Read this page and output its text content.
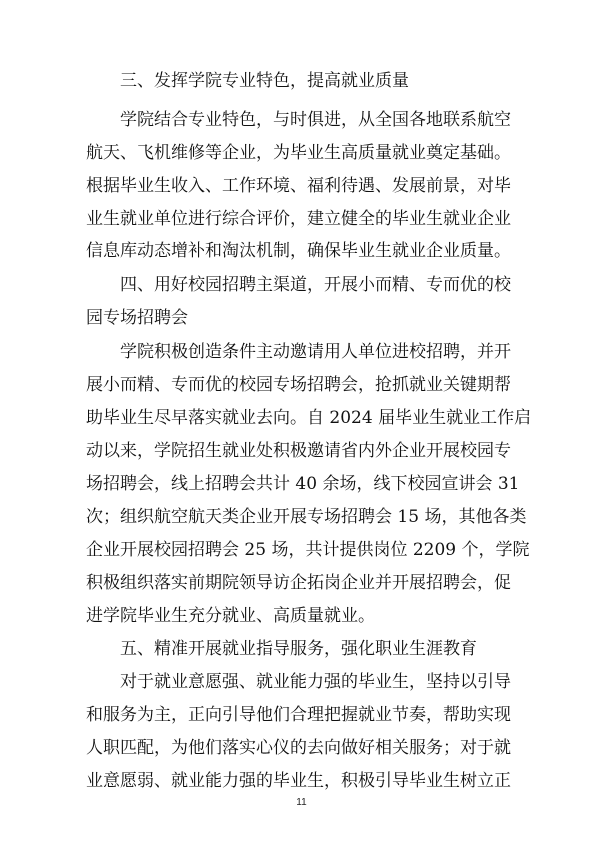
三、发挥学院专业特色，提高就业质量
学院结合专业特色，与时俱进，从全国各地联系航空
航天、飞机维修等企业，为毕业生高质量就业奠定基础。
根据毕业生收入、工作环境、福利待遇、发展前景，对毕
业生就业单位进行综合评价，建立健全的毕业生就业企业
信息库动态增补和淘汰机制，确保毕业生就业企业质量。
四、用好校园招聘主渠道，开展小而精、专而优的校
园专场招聘会
学院积极创造条件主动邀请用人单位进校招聘，并开
展小而精、专而优的校园专场招聘会，抢抓就业关键期帮
助毕业生尽早落实就业去向。自 2024 届毕业生就业工作启
动以来，学院招生就业处积极邀请省内外企业开展校园专
场招聘会，线上招聘会共计 40 余场，线下校园宣讲会 31
次；组织航空航天类企业开展专场招聘会 15 场，其他各类
企业开展校园招聘会 25 场，共计提供岗位 2209 个，学院
积极组织落实前期院领导访企拓岗企业并开展招聘会，促
进学院毕业生充分就业、高质量就业。
五、精准开展就业指导服务，强化职业生涯教育
对于就业意愿强、就业能力强的毕业生，坚持以引导
和服务为主，正向引导他们合理把握就业节奏，帮助实现
人职匹配，为他们落实心仪的去向做好相关服务；对于就
业意愿弱、就业能力强的毕业生，积极引导毕业生树立正
11
